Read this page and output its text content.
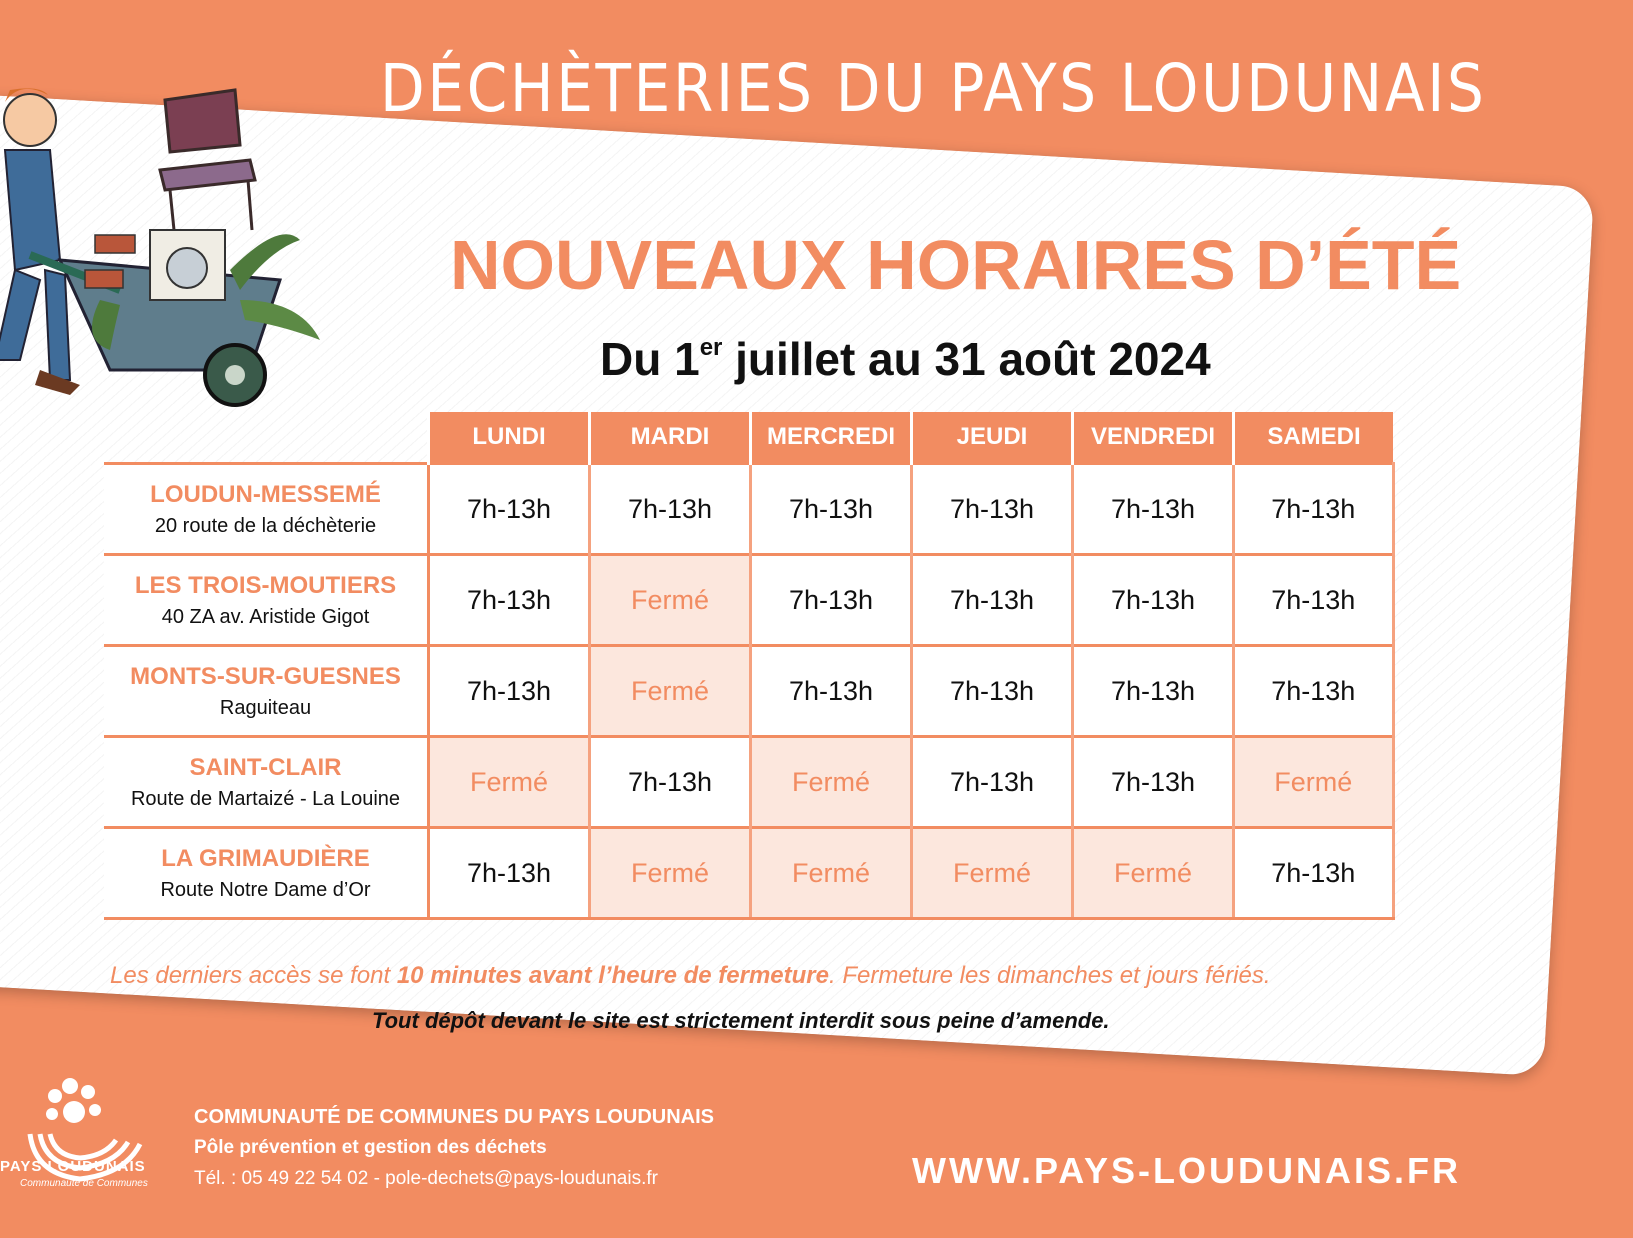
DÉCHÈTERIES DU PAYS LOUDUNAIS
NOUVEAUX HORAIRES D’ÉTÉ
Du 1er juillet au 31 août 2024
	LUNDI	MARDI	MERCREDI	JEUDI	VENDREDI	SAMEDI

LOUDUN-MESSEMÉ
20 route de la déchèterie	7h-13h	7h-13h	7h-13h	7h-13h	7h-13h	7h-13h

LES TROIS-MOUTIERS
40 ZA av. Aristide Gigot	7h-13h	Fermé	7h-13h	7h-13h	7h-13h	7h-13h

MONTS-SUR-GUESNES
Raguiteau	7h-13h	Fermé	7h-13h	7h-13h	7h-13h	7h-13h

SAINT-CLAIR
Route de Martaizé - La Louine	Fermé	7h-13h	Fermé	7h-13h	7h-13h	Fermé

LA GRIMAUDIÈRE
Route Notre Dame d’Or	7h-13h	Fermé	Fermé	Fermé	Fermé	7h-13h
Les derniers accès se font 10 minutes avant l’heure de fermeture. Fermeture les dimanches et jours fériés.
Tout dépôt devant le site est strictement interdit sous peine d’amende.
PAYS LOUDUNAIS
Communauté de Communes
COMMUNAUTÉ DE COMMUNES DU PAYS LOUDUNAIS
Pôle prévention et gestion des déchets
Tél. : 05 49 22 54 02 - pole-dechets@pays-loudunais.fr	WWW.PAYS-LOUDUNAIS.FR
